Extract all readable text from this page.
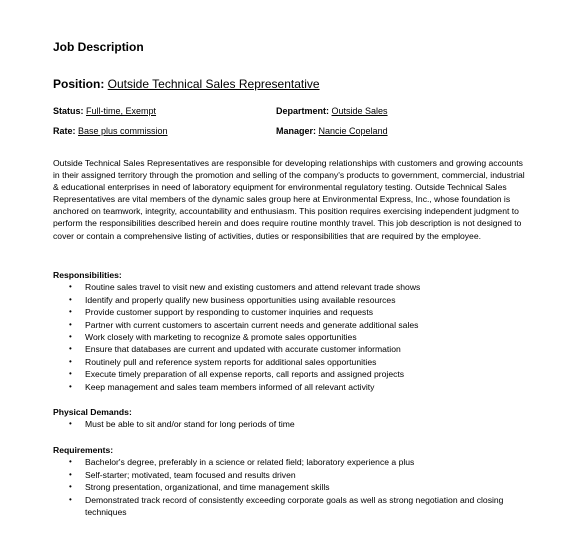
Job Description
Position: Outside Technical Sales Representative
Status: Full-time, Exempt	Department: Outside Sales
Rate: Base plus commission	Manager: Nancie Copeland

Outside Technical Sales Representatives are responsible for developing relationships with customers and growing accounts in their assigned territory through the promotion and selling of the company's products to government, commercial, industrial & educational enterprises in need of laboratory equipment for environmental regulatory testing. Outside Technical Sales Representatives are vital members of the dynamic sales group here at Environmental Express, Inc., whose foundation is anchored on teamwork, integrity, accountability and enthusiasm. This position requires exercising independent judgment to perform the responsibilities described herein and does require routine monthly travel. This job description is not designed to cover or contain a comprehensive listing of activities, duties or responsibilities that are required by the employee.

Responsibilities:
• Routine sales travel to visit new and existing customers and attend relevant trade shows
• Identify and properly qualify new business opportunities using available resources
• Provide customer support by responding to customer inquiries and requests
• Partner with current customers to ascertain current needs and generate additional sales
• Work closely with marketing to recognize & promote sales opportunities
• Ensure that databases are current and updated with accurate customer information
• Routinely pull and reference system reports for additional sales opportunities
• Execute timely preparation of all expense reports, call reports and assigned projects
• Keep management and sales team members informed of all relevant activity
Physical Demands:
• Must be able to sit and/or stand for long periods of time
Requirements:
• Bachelor's degree, preferably in a science or related field; laboratory experience a plus
• Self-starter; motivated, team focused and results driven
• Strong presentation, organizational, and time management skills
• Demonstrated track record of consistently exceeding corporate goals as well as strong negotiation and closing techniques
